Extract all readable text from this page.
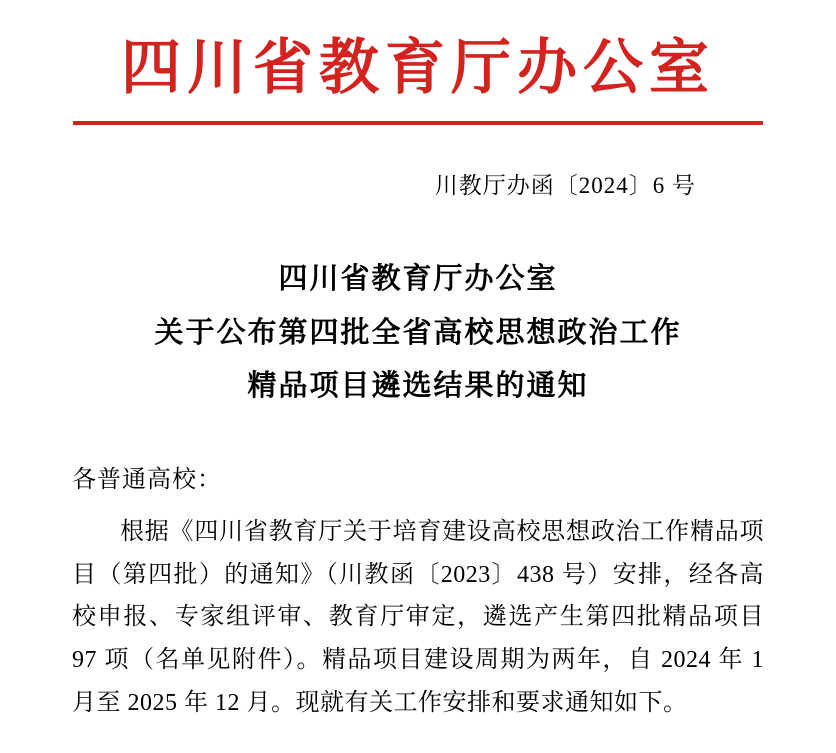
四川省教育厅办公室
川教厅办函〔2024〕6 号
四川省教育厅办公室
关于公布第四批全省高校思想政治工作
精品项目遴选结果的通知
各普通高校：
根据《四川省教育厅关于培育建设高校思想政治工作精品项目（第四批）的通知》（川教函〔2023〕438 号）安排，经各高校申报、专家组评审、教育厅审定，遴选产生第四批精品项目 97 项（名单见附件）。精品项目建设周期为两年，自 2024 年 1 月至 2025 年 12 月。现就有关工作安排和要求通知如下。
